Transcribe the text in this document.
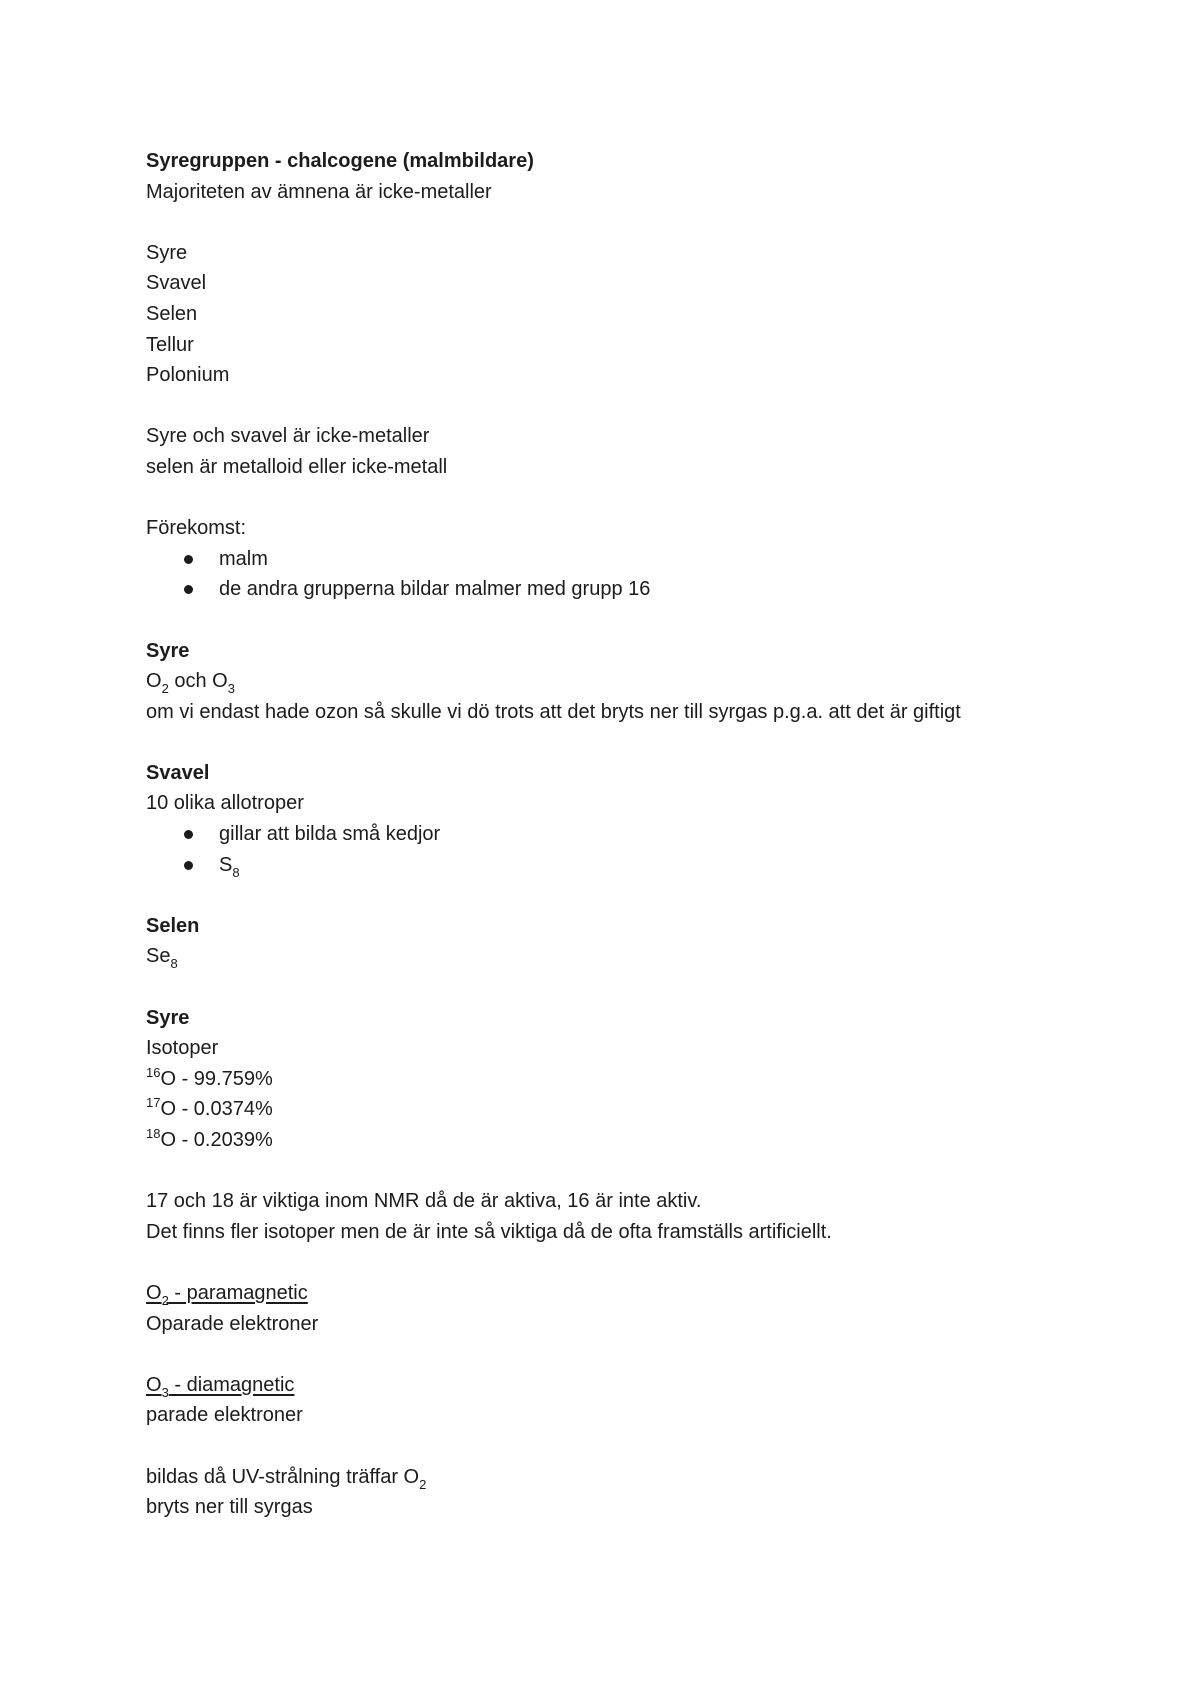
Syregruppen - chalcogene (malmbildare)
Majoriteten av ämnena är icke-metaller
Syre
Svavel
Selen
Tellur
Polonium
Syre och svavel är icke-metaller
selen är metalloid eller icke-metall
Förekomst:
malm
de andra grupperna bildar malmer med grupp 16
Syre
$O_2$ och $O_3$
om vi endast hade ozon så skulle vi dö trots att det bryts ner till syrgas p.g.a. att det är giftigt
Svavel
10 olika allotroper
gillar att bilda små kedjor
$S_8$
Selen
$Se_8$
Syre
Isotoper
$^{16}$O - 99.759%
$^{17}$O - 0.0374%
$^{18}$O - 0.2039%
17 och 18 är viktiga inom NMR då de är aktiva, 16 är inte aktiv.
Det finns fler isotoper men de är inte så viktiga då de ofta framställs artificiellt.
$O_2$ - paramagnetic
Oparade elektroner
$O_3$ - diamagnetic
parade elektroner
bildas då UV-strålning träffar $O_2$
bryts ner till syrgas
